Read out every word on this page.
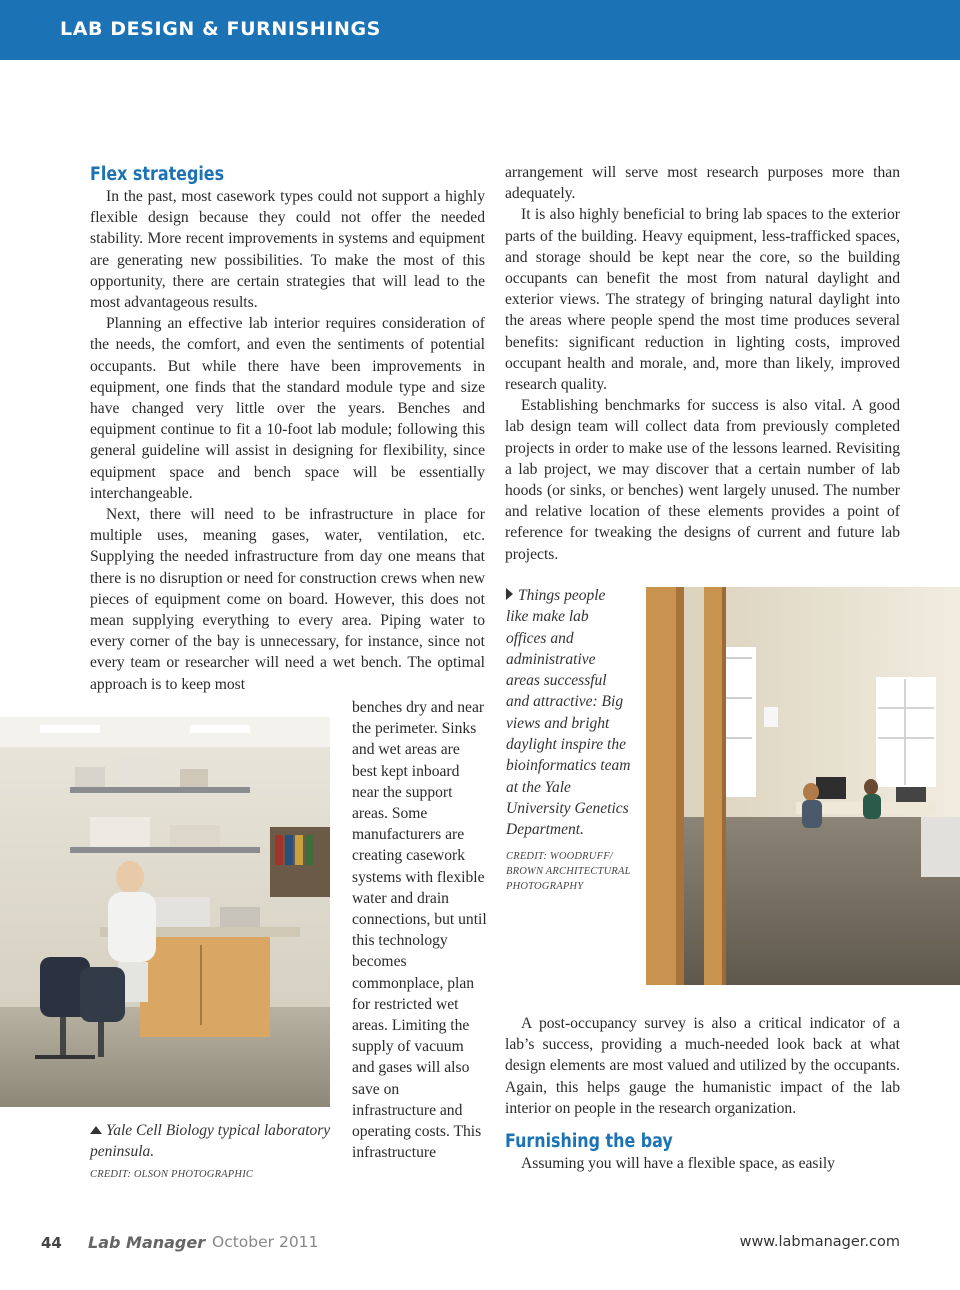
LAB DESIGN & FURNISHINGS
Flex strategies

In the past, most casework types could not support a highly flexible design because they could not offer the needed stability. More recent improvements in systems and equipment are generating new possibilities. To make the most of this opportunity, there are certain strategies that will lead to the most advantageous results.

Planning an effective lab interior requires consideration of the needs, the comfort, and even the sentiments of potential occupants. But while there have been improvements in equipment, one finds that the standard module type and size have changed very little over the years. Benches and equipment continue to fit a 10-foot lab module; following this general guideline will assist in designing for flexibility, since equipment space and bench space will be essentially interchangeable.

Next, there will need to be infrastructure in place for multiple uses, meaning gases, water, ventilation, etc. Supplying the needed infrastructure from day one means that there is no disruption or need for construction crews when new pieces of equipment come on board. However, this does not mean supplying everything to every area. Piping water to every corner of the bay is unnecessary, for instance, since not every team or researcher will need a wet bench. The optimal approach is to keep most

benches dry and near the perimeter. Sinks and wet areas are best kept inboard near the support areas. Some manufacturers are creating casework systems with flexible water and drain connections, but until this technology becomes commonplace, plan for restricted wet areas. Limiting the supply of vacuum and gases will also save on infrastructure and operating costs. This infrastructure

Yale Cell Biology typical laboratory peninsula.
CREDIT: OLSON PHOTOGRAPHIC

arrangement will serve most research purposes more than adequately.

It is also highly beneficial to bring lab spaces to the exterior parts of the building. Heavy equipment, less-trafficked spaces, and storage should be kept near the core, so the building occupants can benefit the most from natural daylight and exterior views. The strategy of bringing natural daylight into the areas where people spend the most time produces several benefits: significant reduction in lighting costs, improved occupant health and morale, and, more than likely, improved research quality.

Establishing benchmarks for success is also vital. A good lab design team will collect data from previously completed projects in order to make use of the lessons learned. Revisiting a lab project, we may discover that a certain number of lab hoods (or sinks, or benches) went largely unused. The number and relative location of these elements provides a point of reference for tweaking the designs of current and future lab projects.

Things people like make lab offices and administrative areas successful and attractive: Big views and bright daylight inspire the bioinformatics team at the Yale University Genetics Department.
CREDIT: WOODRUFF/ BROWN ARCHITECTURAL PHOTOGRAPHY

A post-occupancy survey is also a critical indicator of a lab’s success, providing a much-needed look back at what design elements are most valued and utilized by the occupants. Again, this helps gauge the humanistic impact of the lab interior on people in the research organization.

Furnishing the bay

Assuming you will have a flexible space, as easily

44 Lab Manager October 2011	www.labmanager.com
